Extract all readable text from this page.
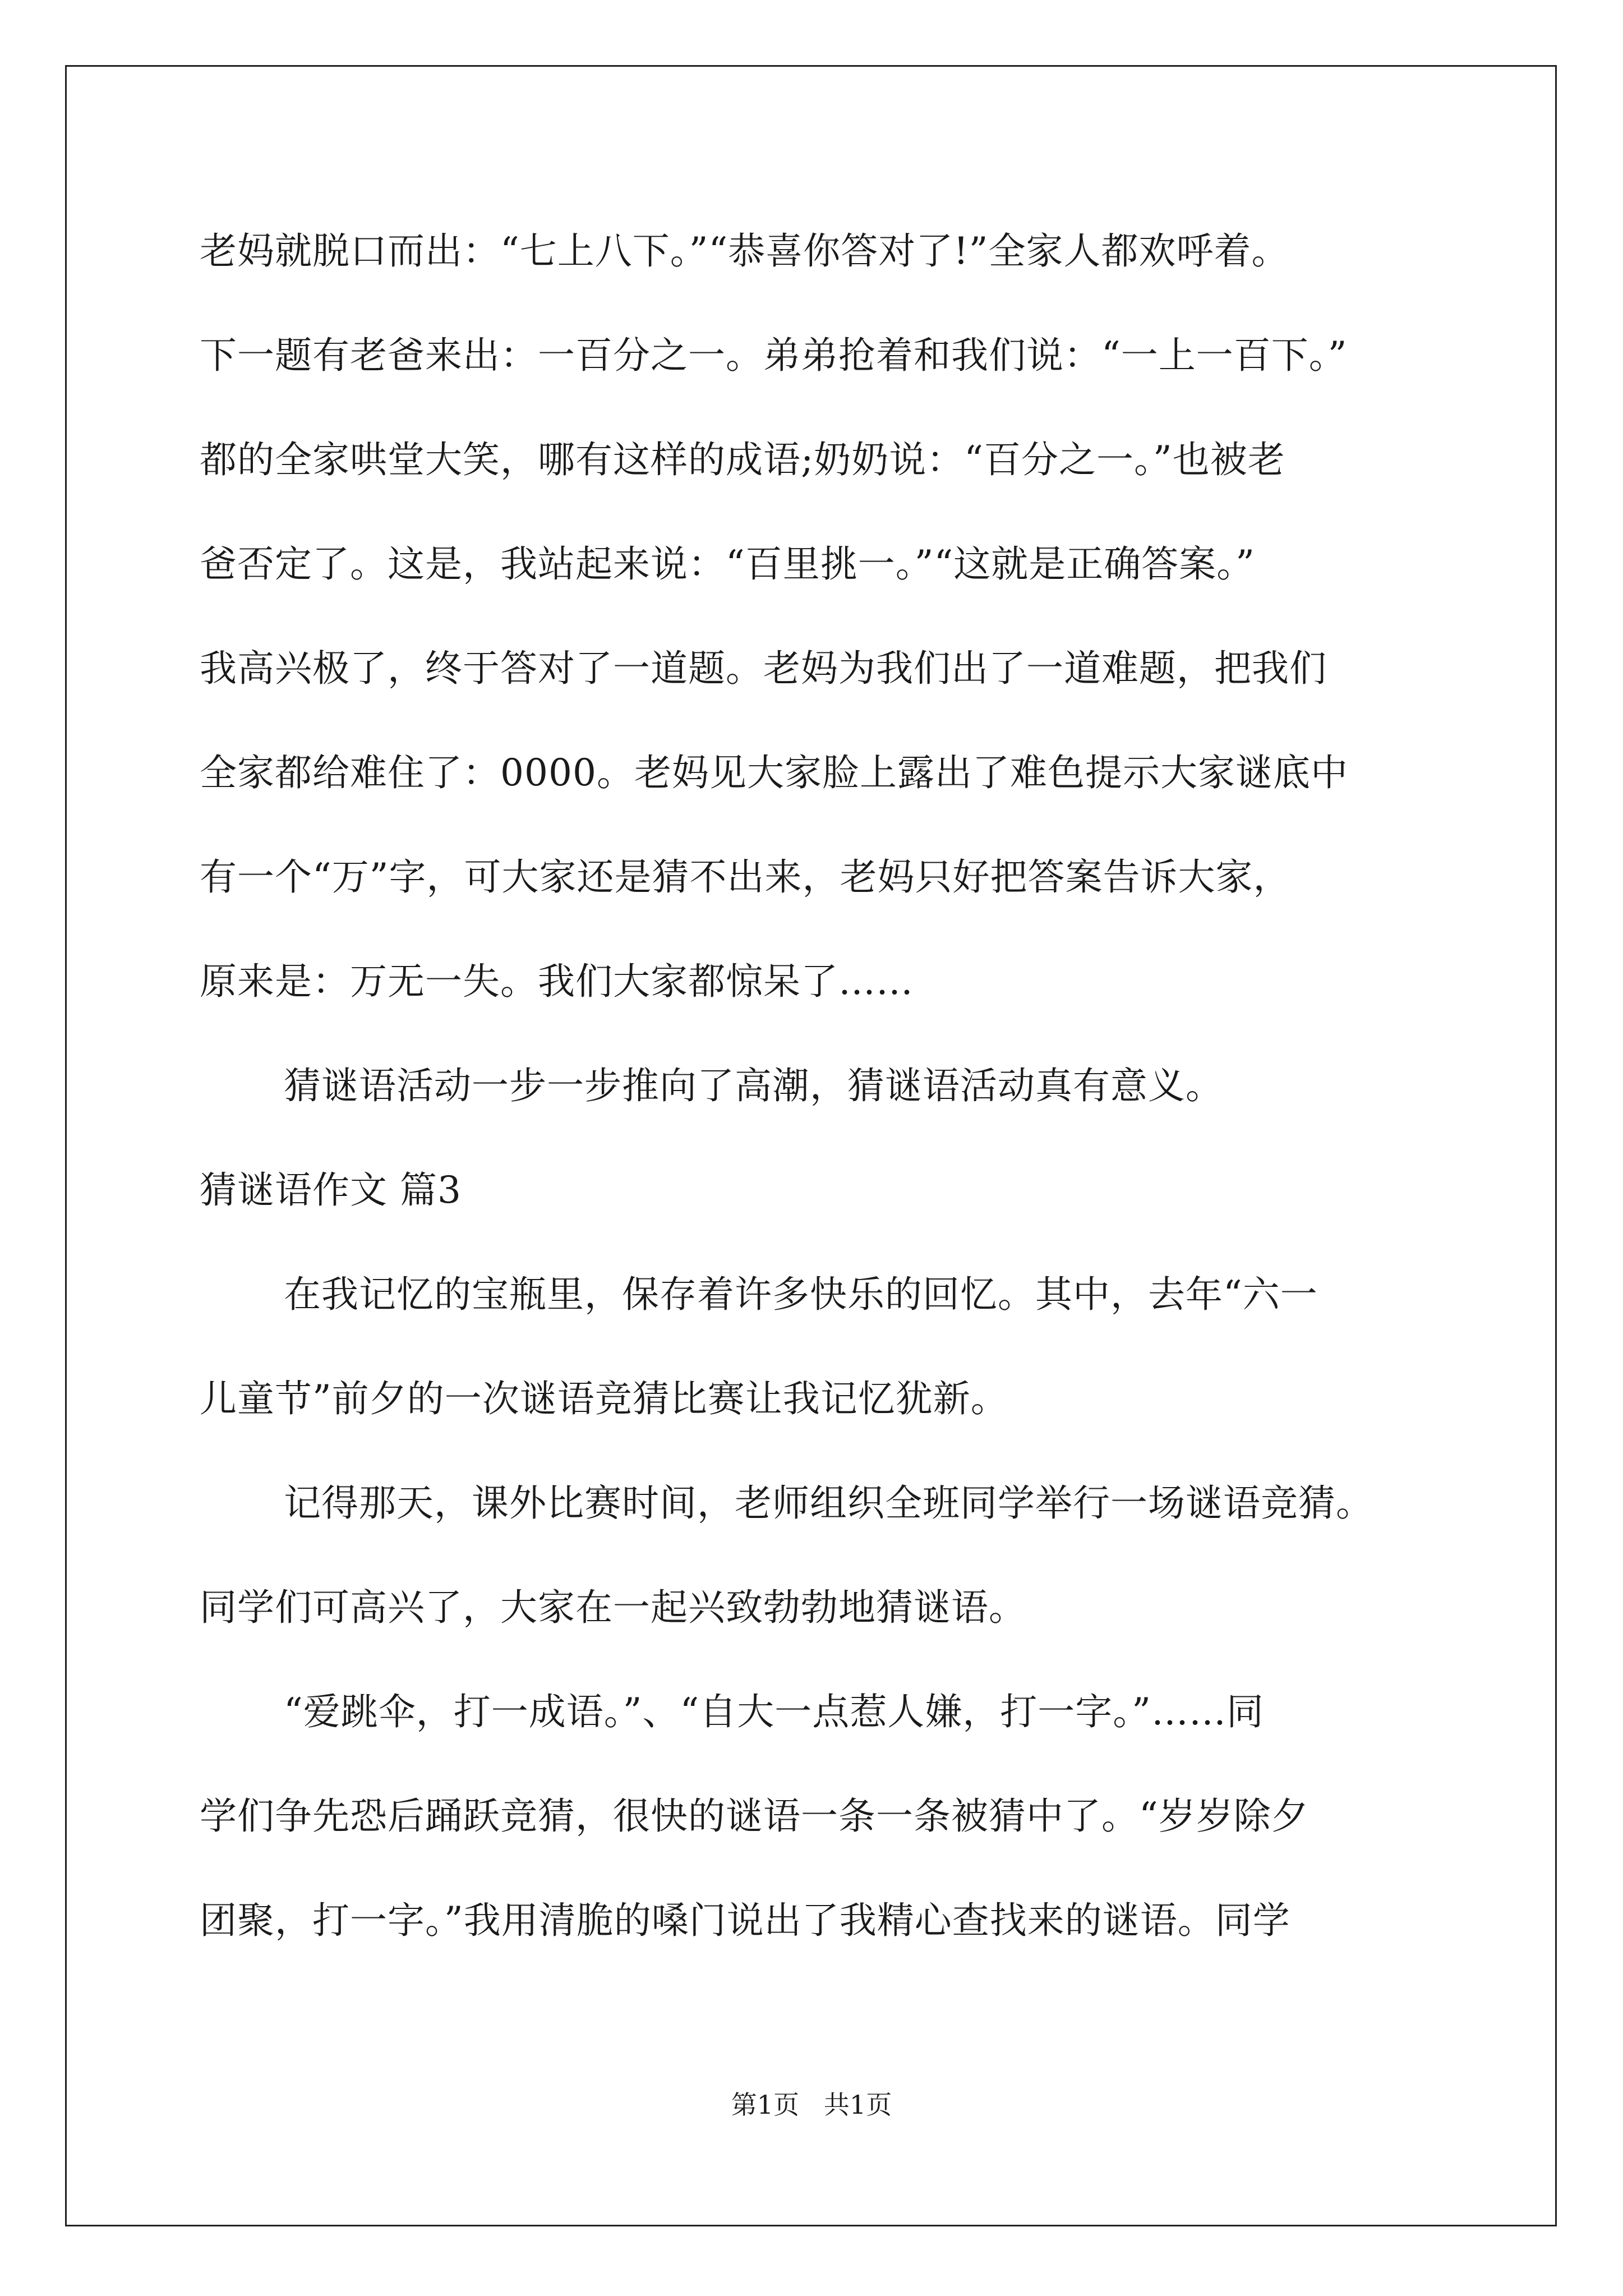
老妈就脱口而出：“七上八下。”“恭喜你答对了!”全家人都欢呼着。
下一题有老爸来出：一百分之一。弟弟抢着和我们说：“一上一百下。”
都的全家哄堂大笑，哪有这样的成语;奶奶说：“百分之一。”也被老
爸否定了。这是，我站起来说：“百里挑一。”“这就是正确答案。”
我高兴极了，终于答对了一道题。老妈为我们出了一道难题，把我们
全家都给难住了：0000。老妈见大家脸上露出了难色提示大家谜底中
有一个“万”字，可大家还是猜不出来，老妈只好把答案告诉大家，
原来是：万无一失。我们大家都惊呆了……
猜谜语活动一步一步推向了高潮，猜谜语活动真有意义。
猜谜语作文 篇3
在我记忆的宝瓶里，保存着许多快乐的回忆。其中，去年“六一
儿童节”前夕的一次谜语竞猜比赛让我记忆犹新。
记得那天，课外比赛时间，老师组织全班同学举行一场谜语竞猜。
同学们可高兴了，大家在一起兴致勃勃地猜谜语。
“爱跳伞，打一成语。”、“自大一点惹人嫌，打一字。”……同
学们争先恐后踊跃竞猜，很快的谜语一条一条被猜中了。“岁岁除夕
团聚，打一字。”我用清脆的嗓门说出了我精心查找来的谜语。同学
第1页   共1页
